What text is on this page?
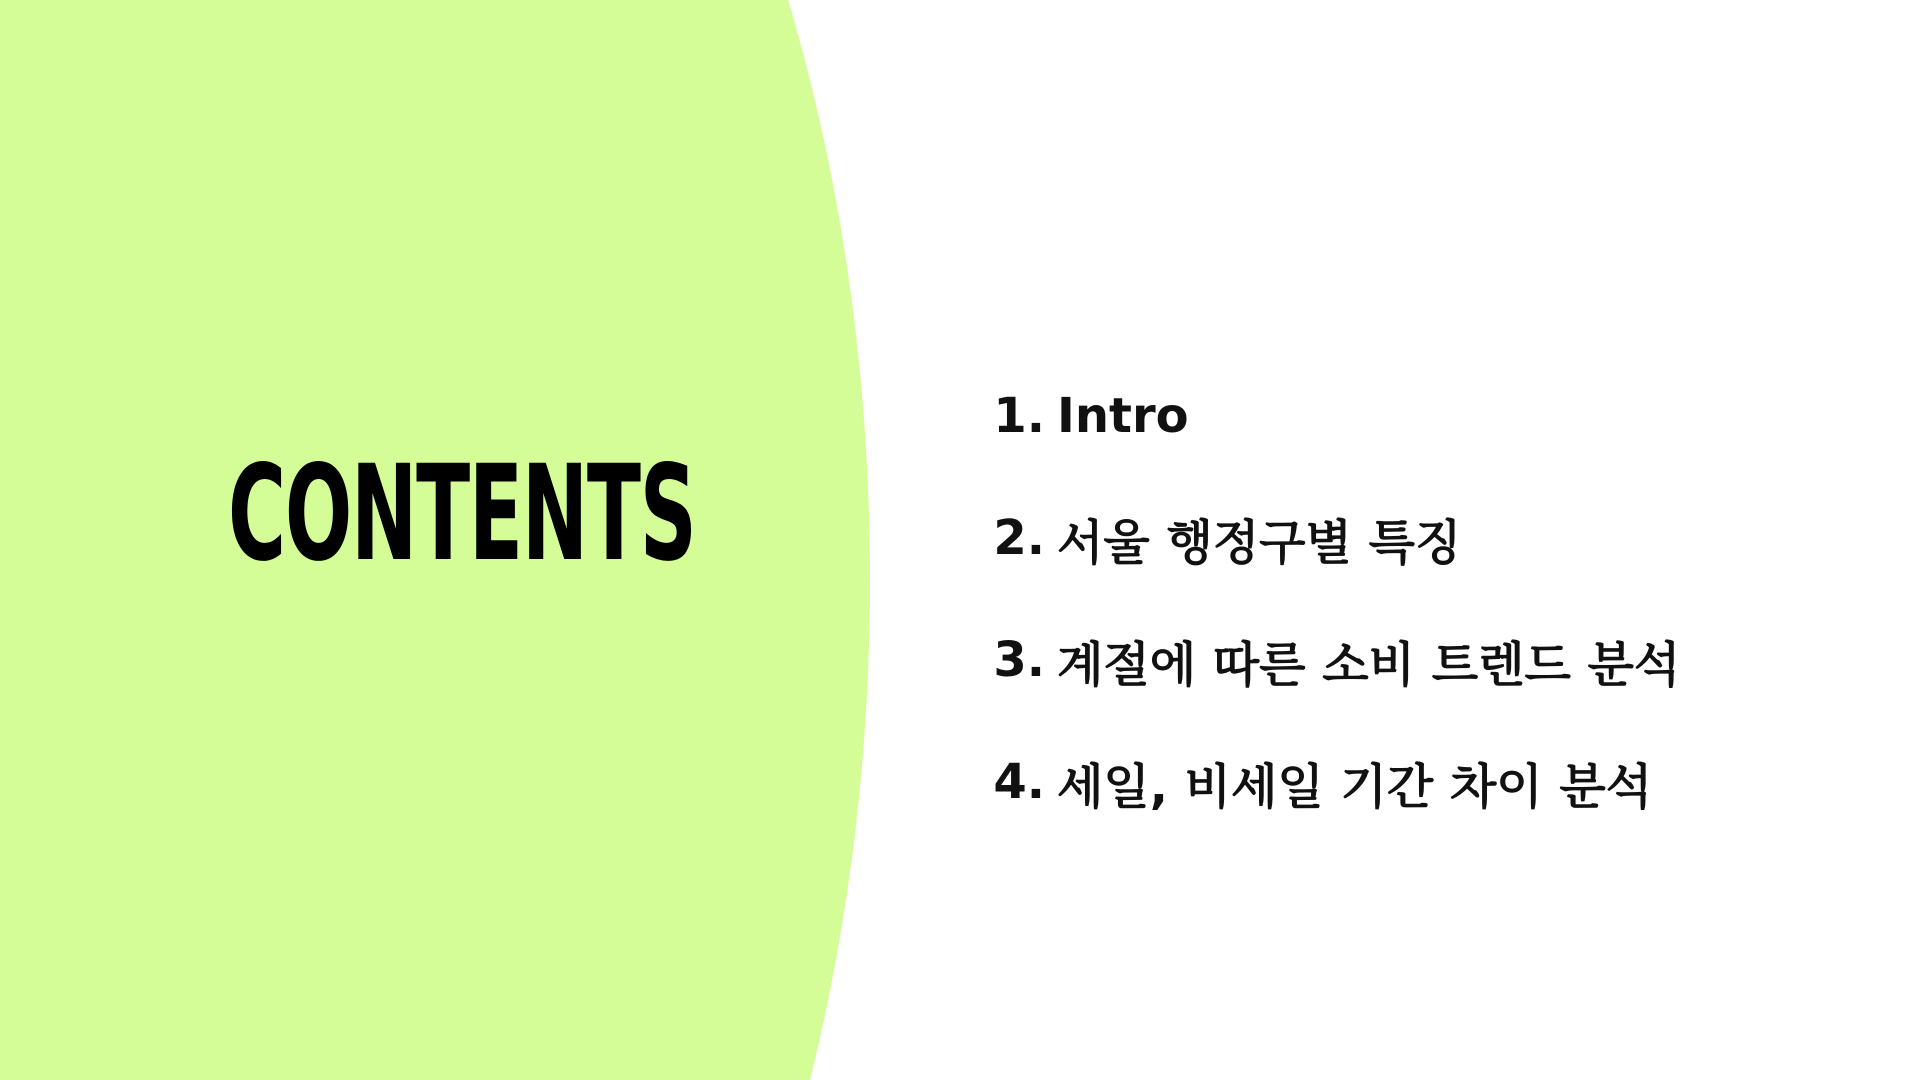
CONTENTS
1. Intro
2. 서울 행정구별 특징
3. 계절에 따른 소비 트렌드 분석
4. 세일, 비세일 기간 차이 분석
